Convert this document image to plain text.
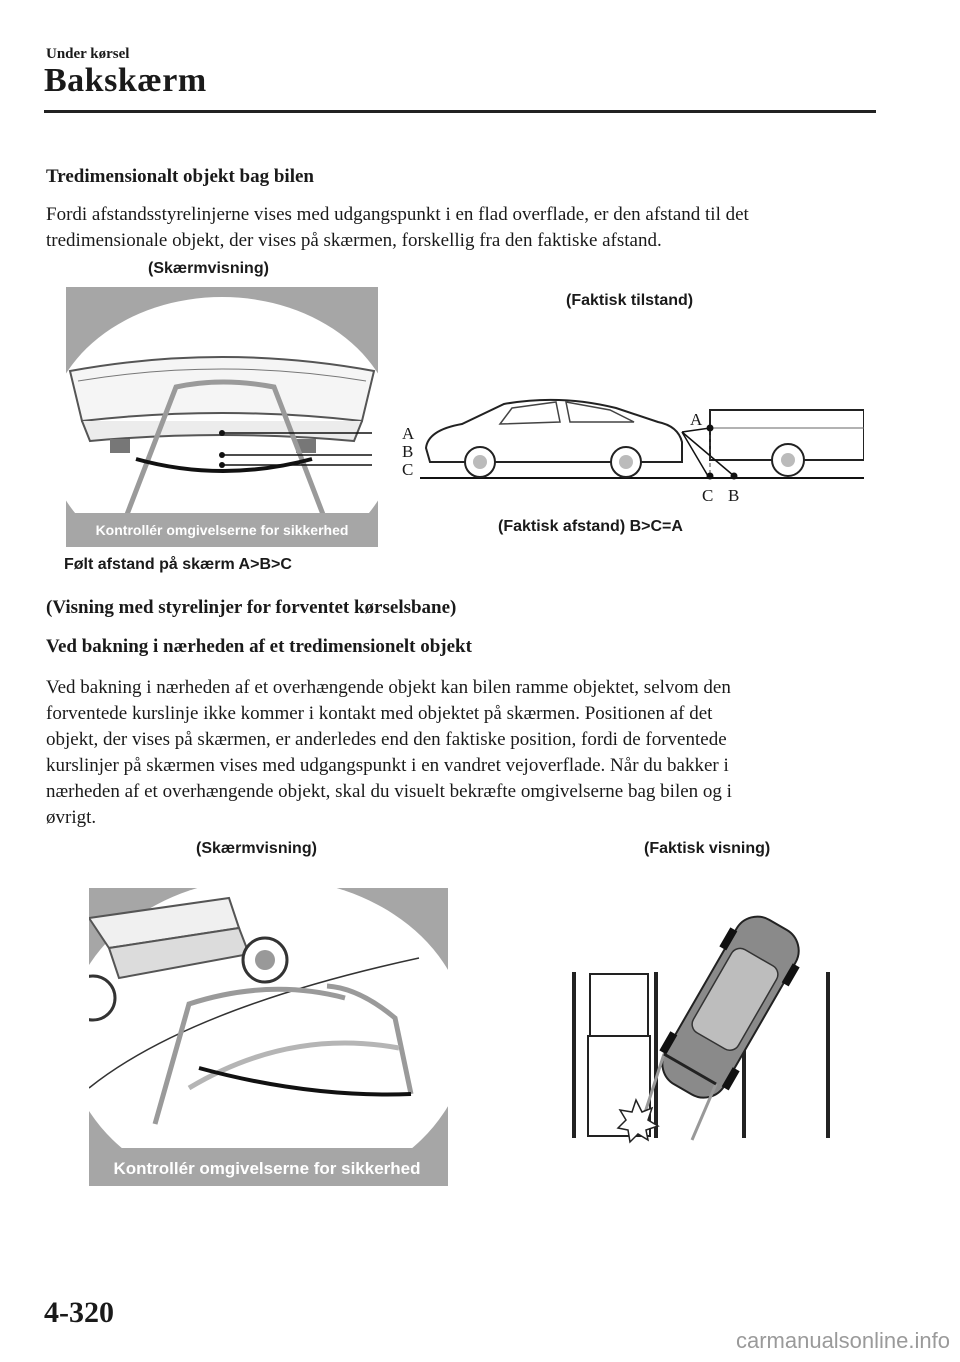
Under kørsel
Bakskærm
Tredimensionalt objekt bag bilen
Fordi afstandsstyrelinjerne vises med udgangspunkt i en flad overflade, er den afstand til det
tredimensionale objekt, der vises på skærmen, forskellig fra den faktiske afstand.
(Skærmvisning)
(Faktisk tilstand)
(Faktisk afstand) B>C=A
Følt afstand på skærm A>B>C
Kontrollér omgivelserne for sikkerhed
A
B
C
A
C B
(Visning med styrelinjer for forventet kørselsbane)
Ved bakning i nærheden af et tredimensionelt objekt
Ved bakning i nærheden af et overhængende objekt kan bilen ramme objektet, selvom den
forventede kurslinje ikke kommer i kontakt med objektet på skærmen. Positionen af det
objekt, der vises på skærmen, er anderledes end den faktiske position, fordi de forventede
kurslinjer på skærmen vises med udgangspunkt i en vandret vejoverflade. Når du bakker i
nærheden af et overhængende objekt, skal du visuelt bekræfte omgivelserne bag bilen og i
øvrigt.
(Skærmvisning)	(Faktisk visning)
Kontrollér omgivelserne for sikkerhed
4-320
carmanualsonline.info
